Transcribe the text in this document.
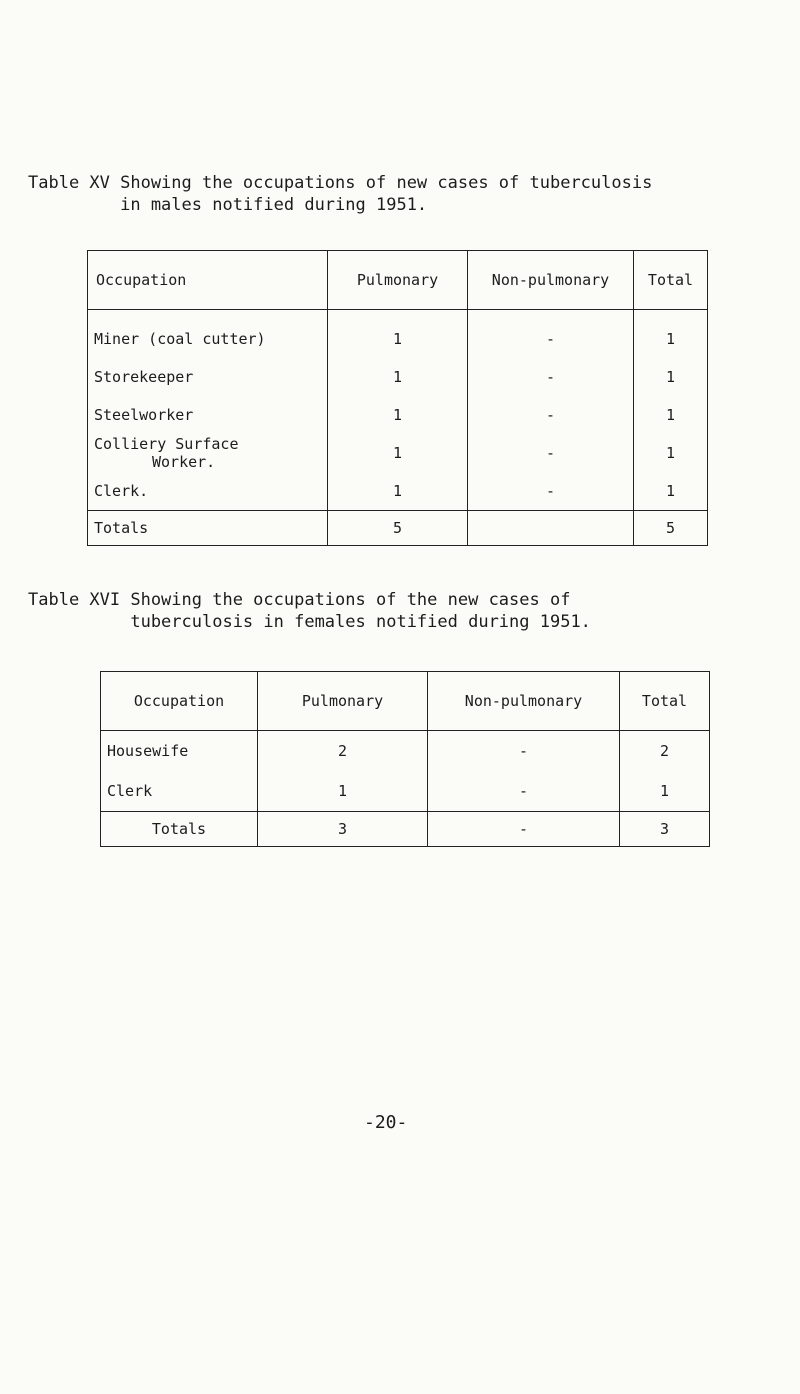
Table XV Showing the occupations of new cases of tuberculosis
in males notified during 1951.
Occupation	Pulmonary	Non-pulmonary	Total
Miner (coal cutter)	1	-	1
Storekeeper	1	-	1
Steelworker	1	-	1
Colliery Surface
Worker.	1	-	1
Clerk.	1	-	1
Totals	5		5
Table XVI Showing the occupations of the new cases of
tuberculosis in females notified during 1951.
Occupation	Pulmonary	Non-pulmonary	Total
Housewife	2	-	2
Clerk	1	-	1
Totals	3	-	3
-20-
